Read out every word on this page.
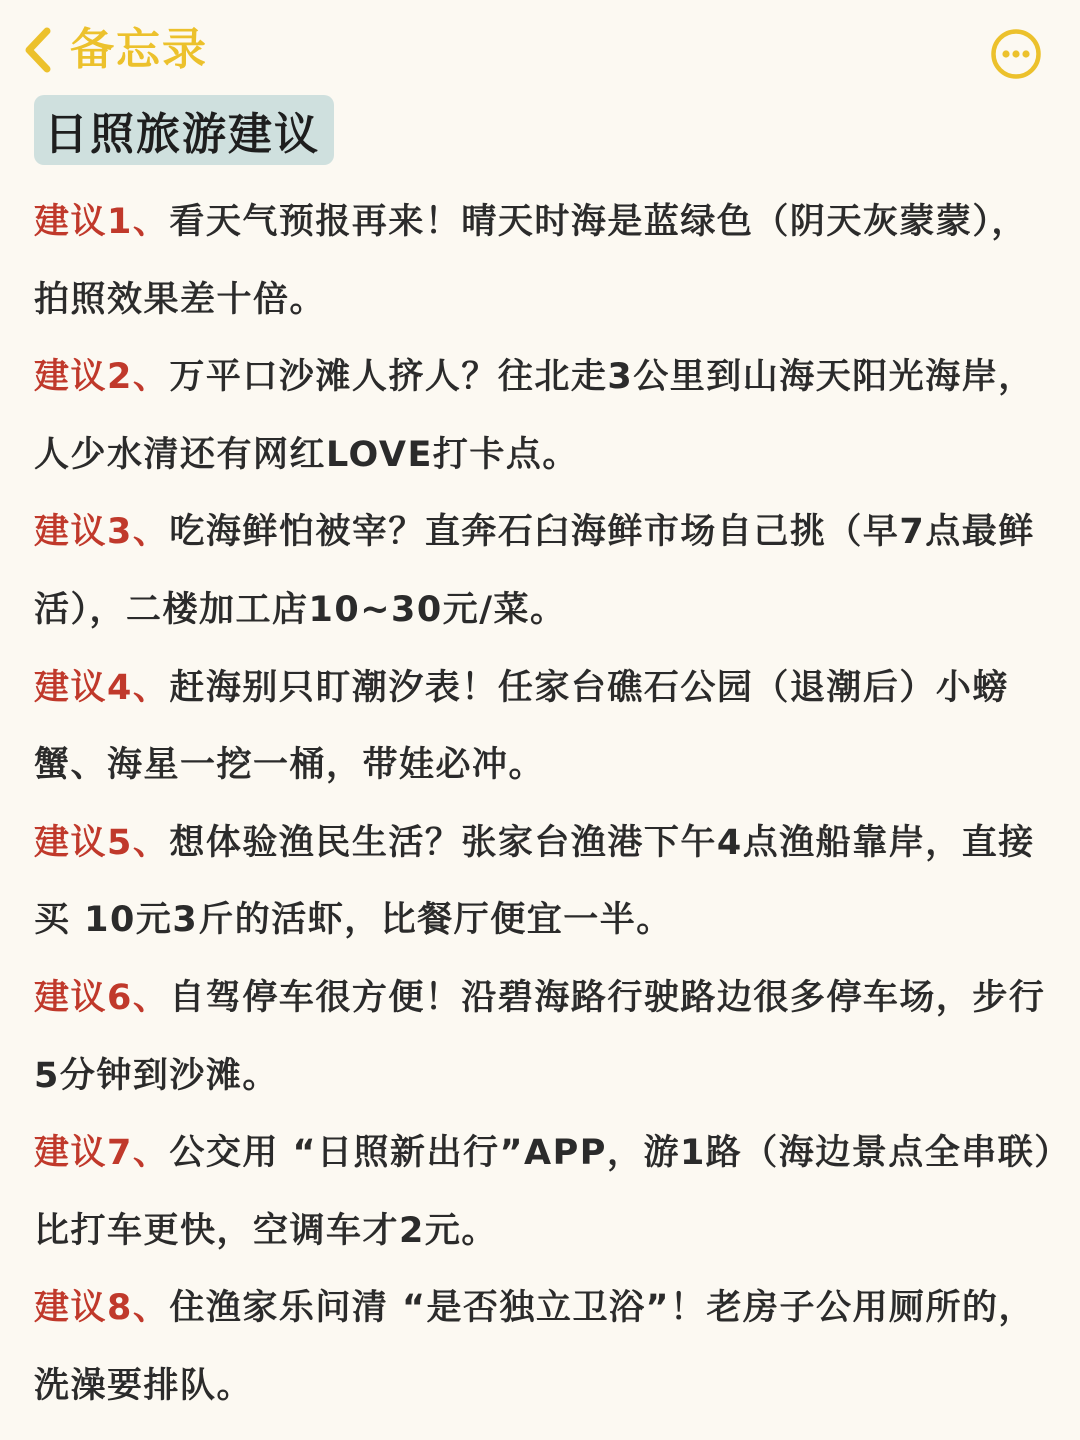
备忘录
日照旅游建议
建议1、看天气预报再来！晴天时海是蓝绿色（阴天灰蒙蒙），拍照效果差十倍。
建议2、万平口沙滩人挤人？往北走3公里到山海天阳光海岸，人少水清还有网红LOVE打卡点。
建议3、吃海鲜怕被宰？直奔石臼海鲜市场自己挑（早7点最鲜活），二楼加工店10~30元/菜。
建议4、赶海别只盯潮汐表！任家台礁石公园（退潮后）小螃蟹、海星一挖一桶，带娃必冲。
建议5、想体验渔民生活？张家台渔港下午4点渔船靠岸，直接买 10元3斤的活虾，比餐厅便宜一半。
建议6、自驾停车很方便！沿碧海路行驶路边很多停车场，步行5分钟到沙滩。
建议7、公交用 “日照新出行”APP，游1路（海边景点全串联）比打车更快，空调车才2元。
建议8、住渔家乐问清 “是否独立卫浴”！老房子公用厕所的，洗澡要排队。
